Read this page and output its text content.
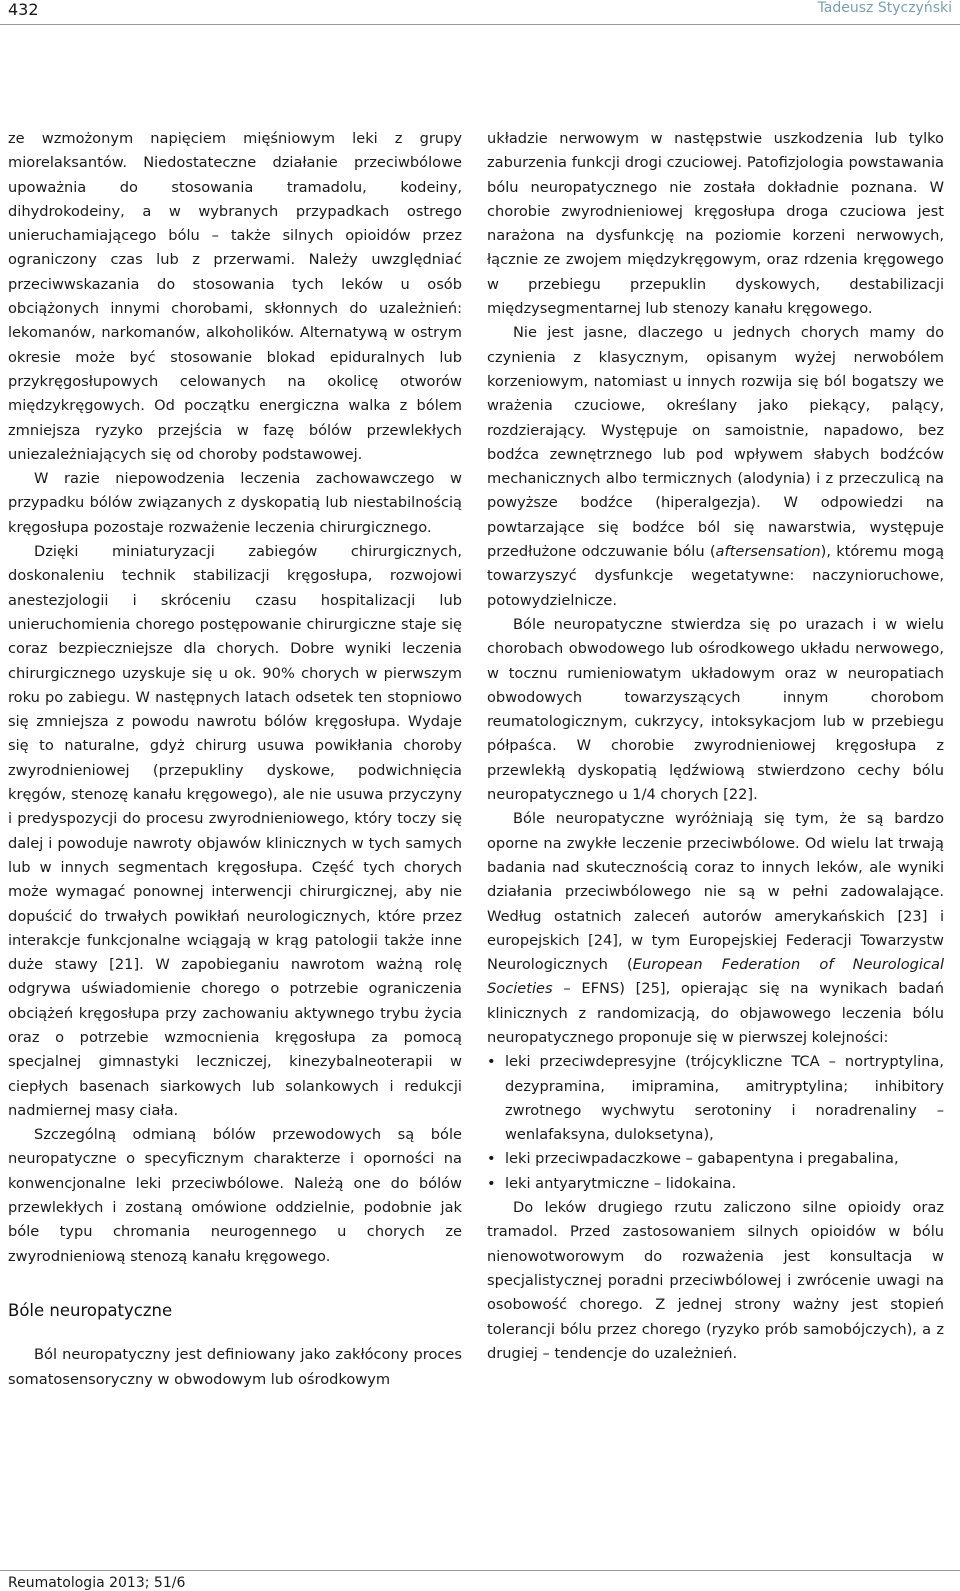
432	Tadeusz Styczyński

ze wzmożonym napięciem mięśniowym leki z grupy miorelaksantów. Niedostateczne działanie przeciwbólowe upoważnia do stosowania tramadolu, kodeiny, dihydrokodeiny, a w wybranych przypadkach ostrego unieruchamiającego bólu – także silnych opioidów przez ograniczony czas lub z przerwami. Należy uwzględniać przeciwwskazania do stosowania tych leków u osób obciążonych innymi chorobami, skłonnych do uzależnień: lekomanów, narkomanów, alkoholików. Alternatywą w ostrym okresie może być stosowanie blokad epiduralnych lub przykręgosłupowych celowanych na okolicę otworów międzykręgowych. Od początku energiczna walka z bólem zmniejsza ryzyko przejścia w fazę bólów przewlekłych uniezależniających się od choroby podstawowej.

W razie niepowodzenia leczenia zachowawczego w przypadku bólów związanych z dyskopatią lub niestabilnością kręgosłupa pozostaje rozważenie leczenia chirurgicznego.

Dzięki miniaturyzacji zabiegów chirurgicznych, doskonaleniu technik stabilizacji kręgosłupa, rozwojowi anestezjologii i skróceniu czasu hospitalizacji lub unieruchomienia chorego postępowanie chirurgiczne staje się coraz bezpieczniejsze dla chorych. Dobre wyniki leczenia chirurgicznego uzyskuje się u ok. 90% chorych w pierwszym roku po zabiegu. W następnych latach odsetek ten stopniowo się zmniejsza z powodu nawrotu bólów kręgosłupa. Wydaje się to naturalne, gdyż chirurg usuwa powikłania choroby zwyrodnieniowej (przepukliny dyskowe, podwichnięcia kręgów, stenozę kanału kręgowego), ale nie usuwa przyczyny i predyspozycji do procesu zwyrodnieniowego, który toczy się dalej i powoduje nawroty objawów klinicznych w tych samych lub w innych segmentach kręgosłupa. Część tych chorych może wymagać ponownej interwencji chirurgicznej, aby nie dopuścić do trwałych powikłań neurologicznych, które przez interakcje funkcjonalne wciągają w krąg patologii także inne duże stawy [21]. W zapobieganiu nawrotom ważną rolę odgrywa uświadomienie chorego o potrzebie ograniczenia obciążeń kręgosłupa przy zachowaniu aktywnego trybu życia oraz o potrzebie wzmocnienia kręgosłupa za pomocą specjalnej gimnastyki leczniczej, kinezybalneoterapii w ciepłych basenach siarkowych lub solankowych i redukcji nadmiernej masy ciała.

Szczególną odmianą bólów przewodowych są bóle neuropatyczne o specyficznym charakterze i oporności na konwencjonalne leki przeciwbólowe. Należą one do bólów przewlekłych i zostaną omówione oddzielnie, podobnie jak bóle typu chromania neurogennego u chorych ze zwyrodnieniową stenozą kanału kręgowego.

Bóle neuropatyczne

Ból neuropatyczny jest definiowany jako zakłócony proces somatosensoryczny w obwodowym lub ośrodkowym

układzie nerwowym w następstwie uszkodzenia lub tylko zaburzenia funkcji drogi czuciowej. Patofizjologia powstawania bólu neuropatycznego nie została dokładnie poznana. W chorobie zwyrodnieniowej kręgosłupa droga czuciowa jest narażona na dysfunkcję na poziomie korzeni nerwowych, łącznie ze zwojem międzykręgowym, oraz rdzenia kręgowego w przebiegu przepuklin dyskowych, destabilizacji międzysegmentarnej lub stenozy kanału kręgowego.

Nie jest jasne, dlaczego u jednych chorych mamy do czynienia z klasycznym, opisanym wyżej nerwobólem korzeniowym, natomiast u innych rozwija się ból bogatszy we wrażenia czuciowe, określany jako piekący, palący, rozdzierający. Występuje on samoistnie, napadowo, bez bodźca zewnętrznego lub pod wpływem słabych bodźców mechanicznych albo termicznych (alodynia) i z przeczulicą na powyższe bodźce (hiperalgezja). W odpowiedzi na powtarzające się bodźce ból się nawarstwia, występuje przedłużone odczuwanie bólu (aftersensation), któremu mogą towarzyszyć dysfunkcje wegetatywne: naczynioruchowe, potowydzielnicze.

Bóle neuropatyczne stwierdza się po urazach i w wielu chorobach obwodowego lub ośrodkowego układu nerwowego, w tocznu rumieniowatym układowym oraz w neuropatiach obwodowych towarzyszących innym chorobom reumatologicznym, cukrzycy, intoksykacjom lub w przebiegu półpaśca. W chorobie zwyrodnieniowej kręgosłupa z przewlekłą dyskopatią lędźwiową stwierdzono cechy bólu neuropatycznego u 1/4 chorych [22].

Bóle neuropatyczne wyróżniają się tym, że są bardzo oporne na zwykłe leczenie przeciwbólowe. Od wielu lat trwają badania nad skutecznością coraz to innych leków, ale wyniki działania przeciwbólowego nie są w pełni zadowalające. Według ostatnich zaleceń autorów amerykańskich [23] i europejskich [24], w tym Europejskiej Federacji Towarzystw Neurologicznych (European Federation of Neurological Societies – EFNS) [25], opierając się na wynikach badań klinicznych z randomizacją, do objawowego leczenia bólu neuropatycznego proponuje się w pierwszej kolejności:

• leki przeciwdepresyjne (trójcykliczne TCA – nortryptylina, dezypramina, imipramina, amitryptylina; inhibitory zwrotnego wychwytu serotoniny i noradrenaliny – wenlafaksyna, duloksetyna),
• leki przeciwpadaczkowe – gabapentyna i pregabalina,
• leki antyarytmiczne – lidokaina.

Do leków drugiego rzutu zaliczono silne opioidy oraz tramadol. Przed zastosowaniem silnych opioidów w bólu nienowotworowym do rozważenia jest konsultacja w specjalistycznej poradni przeciwbólowej i zwrócenie uwagi na osobowość chorego. Z jednej strony ważny jest stopień tolerancji bólu przez chorego (ryzyko prób samobójczych), a z drugiej – tendencje do uzależnień.

Reumatologia 2013; 51/6
